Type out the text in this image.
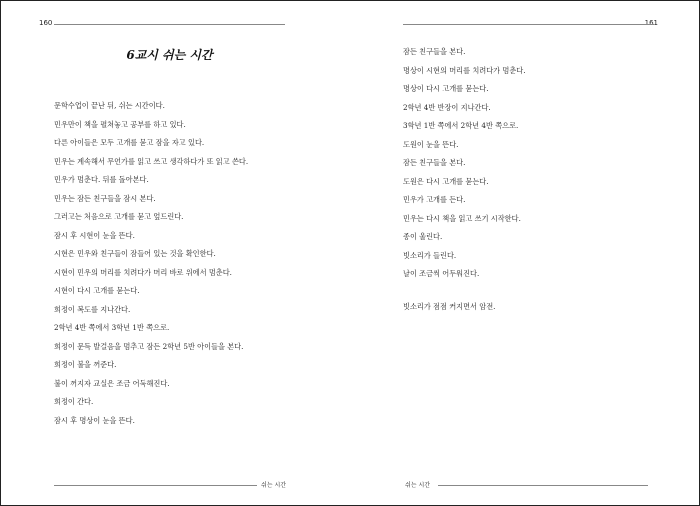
160
6교시 쉬는 시간
문학수업이 끝난 뒤, 쉬는 시간이다.
민우만이 책을 펼쳐놓고 공부를 하고 있다.
다른 아이들은 모두 고개를 묻고 잠을 자고 있다.
민우는 계속해서 무언가를 읽고 쓰고 생각하다가 또 읽고 쓴다.
민우가 멈춘다. 뒤를 돌아본다.
민우는 잠든 친구들을 잠시 본다.
그러고는 처음으로 고개를 묻고 엎드린다.
잠시 후 시현이 눈을 뜬다.
시현은 민우와 친구들이 잠들어 있는 것을 확인한다.
시현이 민우의 머리를 치려다가 머리 바로 위에서 멈춘다.
시현이 다시 고개를 묻는다.
희정이 복도를 지나간다.
2학년 4반 쪽에서 3학년 1반 쪽으로.
희정이 문득 발걸음을 멈추고 잠든 2학년 5반 아이들을 본다.
희정이 불을 꺼준다.
불이 꺼지자 교실은 조금 어둑해진다.
희정이 간다.
잠시 후 명상이 눈을 뜬다.
쉬는 시간
161
잠든 친구들을 본다.
명상이 시현의 머리를 치려다가 멈춘다.
명상이 다시 고개를 묻는다.
2학년 4반 반장이 지나간다.
3학년 1반 쪽에서 2학년 4반 쪽으로.
도원이 눈을 뜬다.
잠든 친구들을 본다.
도원은 다시 고개를 묻는다.
민우가 고개를 든다.
민우는 다시 책을 읽고 쓰기 시작한다.
종이 울린다.
빗소리가 들린다.
날이 조금씩 어두워진다.

빗소리가 점점 커지면서 암전.

쉬는 시간
